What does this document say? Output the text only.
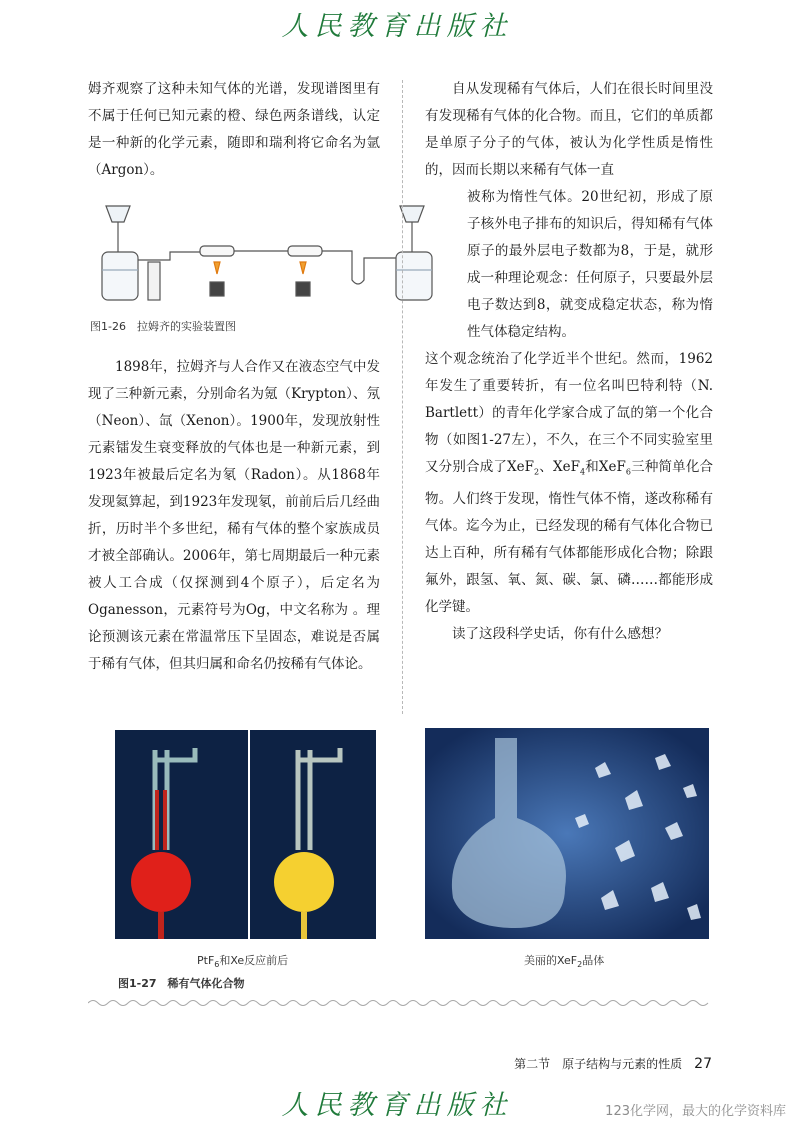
人民教育出版社

姆齐观察了这种未知气体的光谱，发现谱图里有不属于任何已知元素的橙、绿色两条谱线，认定是一种新的化学元素，随即和瑞利将它命名为氩（Argon）。

图1-26　拉姆齐的实验装置图

1898年，拉姆齐与人合作又在液态空气中发现了三种新元素，分别命名为氪（Krypton）、氖（Neon）、氙（Xenon）。1900年，发现放射性元素镭发生衰变释放的气体也是一种新元素，到1923年被最后定名为氡（Radon）。从1868年发现氦算起，到1923年发现氡，前前后后几经曲折，历时半个多世纪，稀有气体的整个家族成员才被全部确认。2006年，第七周期最后一种元素被人工合成（仅探测到4个原子），后定名为Oganesson，元素符号为Og，中文名称为 。理论预测该元素在常温常压下呈固态，难说是否属于稀有气体，但其归属和命名仍按稀有气体论。

自从发现稀有气体后，人们在很长时间里没有发现稀有气体的化合物。而且，它们的单质都是单原子分子的气体，被认为化学性质是惰性的，因而长期以来稀有气体一直

被称为惰性气体。20世纪初，形成了原子核外电子排布的知识后，得知稀有气体原子的最外层电子数都为8，于是，就形成一种理论观念：任何原子，只要最外层电子数达到8，就变成稳定状态，称为惰性气体稳定结构。

这个观念统治了化学近半个世纪。然而，1962年发生了重要转折，有一位名叫巴特利特（N. Bartlett）的青年化学家合成了氙的第一个化合物（如图1-27左），不久，在三个不同实验室里又分别合成了XeF$_2$、XeF$_4$和XeF$_6$三种简单化合物。人们终于发现，惰性气体不惰，遂改称稀有气体。迄今为止，已经发现的稀有气体化合物已达上百种，所有稀有气体都能形成化合物；除跟氟外，跟氢、氧、氮、碳、氯、磷……都能形成化学键。

读了这段科学史话，你有什么感想？

PtF$_6$和Xe反应前后	美丽的XeF$_2$晶体
图1-27　稀有气体化合物
第二节　原子结构与元素的性质 27
人民教育出版社	123化学网，最大的化学资料库
